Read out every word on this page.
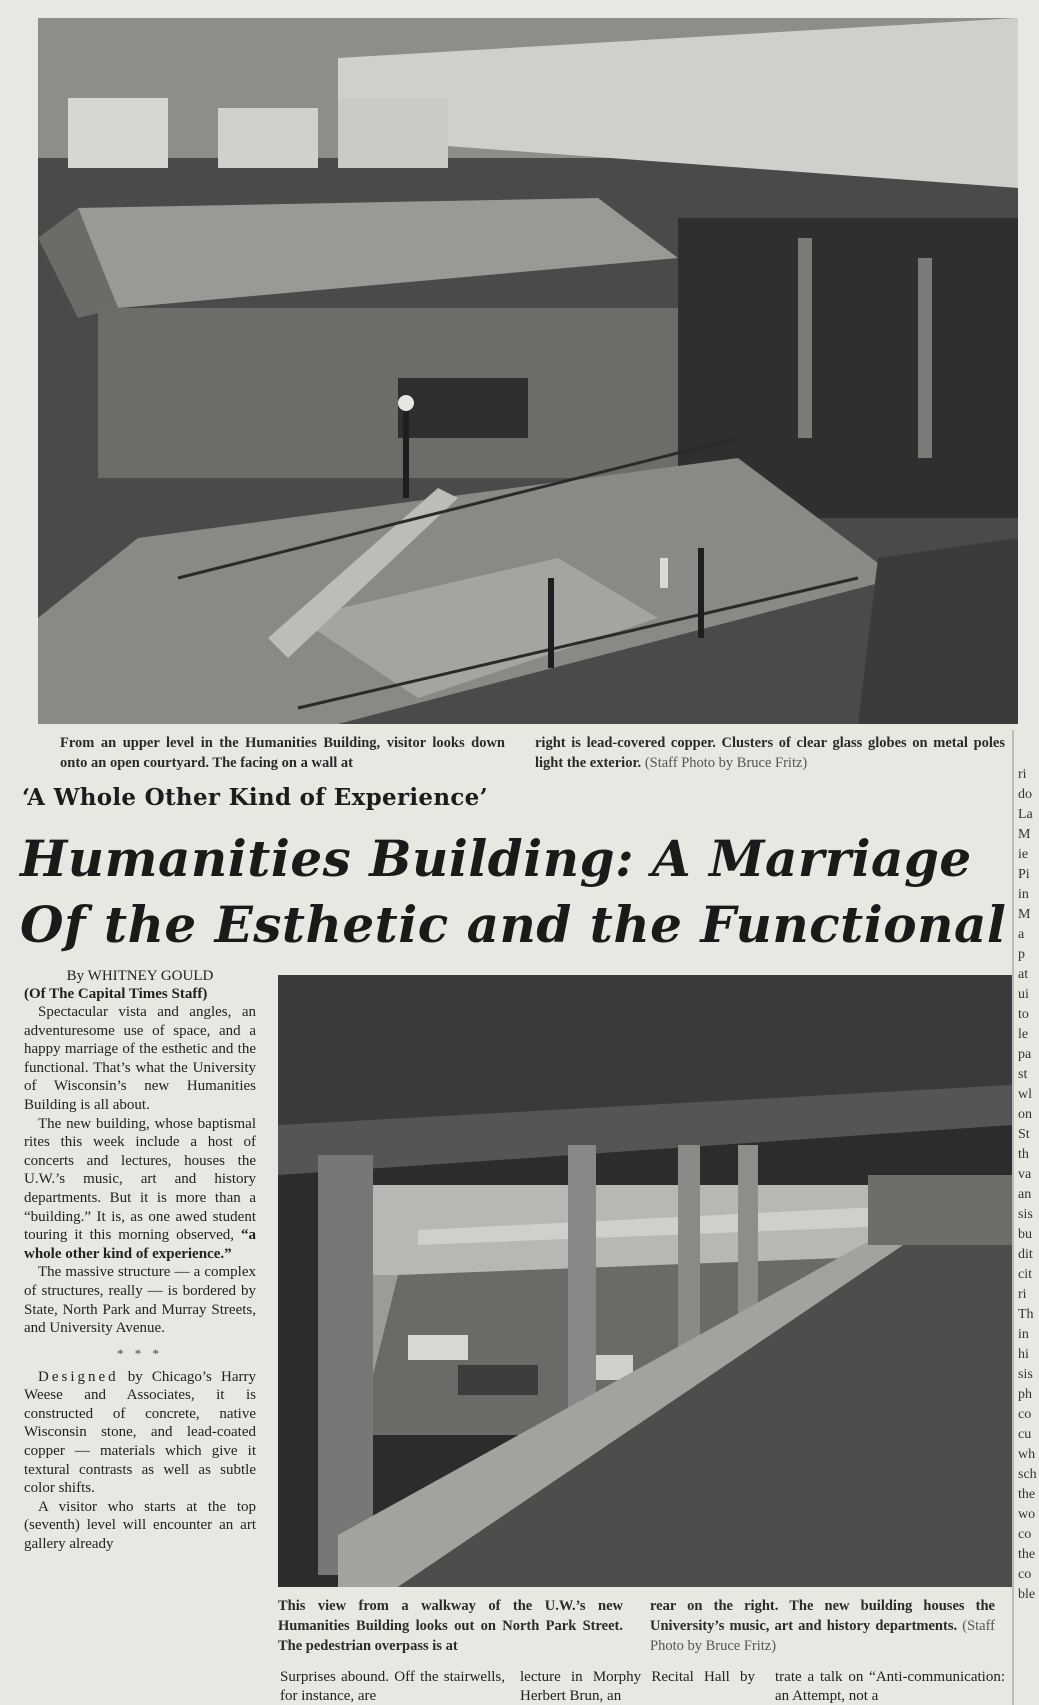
From an upper level in the Humanities Building, visitor looks down onto an open courtyard. The facing on a wall at
right is lead-covered copper. Clusters of clear glass globes on metal poles light the exterior. (Staff Photo by Bruce Fritz)
‘A Whole Other Kind of Experience’
Humanities Building: A Marriage
Of the Esthetic and the Functional
By WHITNEY GOULD
(Of The Capital Times Staff)

Spectacular vista and angles, an adventuresome use of space, and a happy marriage of the esthetic and the functional. That’s what the University of Wisconsin’s new Humanities Building is all about.

The new building, whose baptismal rites this week include a host of concerts and lectures, houses the U.W.’s music, art and history departments. But it is more than a “building.” It is, as one awed student touring it this morning observed, “a whole other kind of experience.”

The massive structure — a complex of structures, really — is bordered by State, North Park and Murray Streets, and University Avenue.

* * *

Designed by Chicago’s Harry Weese and Associates, it is constructed of concrete, native Wisconsin stone, and lead-coated copper — materials which give it textural contrasts as well as subtle color shifts.

A visitor who starts at the top (seventh) level will encounter an art gallery already

This view from a walkway of the U.W.’s new Humanities Building looks out on North Park Street. The pedestrian overpass is at
rear on the right. The new building houses the University’s music, art and history departments. (Staff Photo by Bruce Fritz)
Surprises abound. Off the stairwells, for instance, are
lecture in Morphy Recital Hall by Herbert Brun, an
trate a talk on “Anti-communication: an Attempt, not a
ri
do
La
M
ie
Pi
in
M
a
p
at
ui
to
le
pa
st
wl
on
St
th
va
an
sis
bu
dit
cit
ri
Th
in
hi
sis
ph
co
cu
wh
sch
the
wo
co
the
co
ble
